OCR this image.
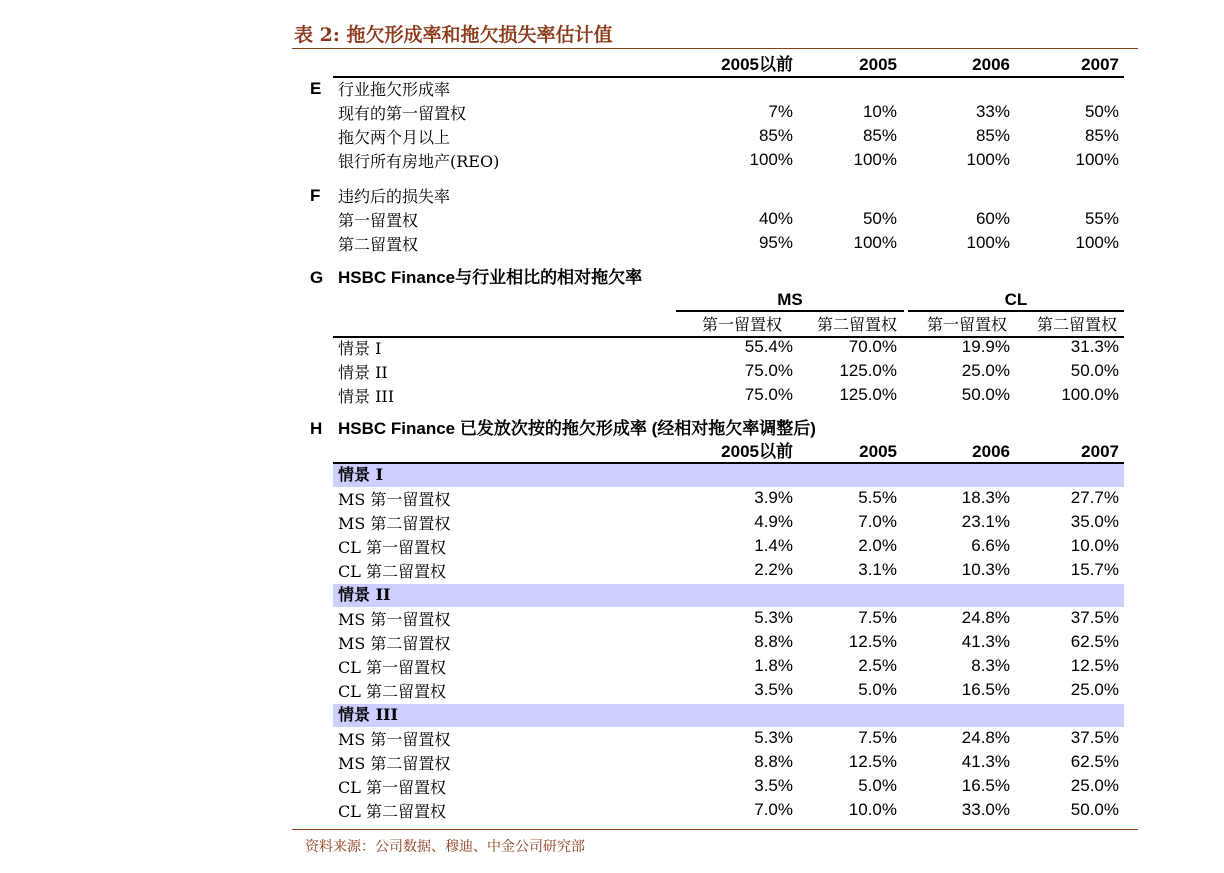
表 2: 拖欠形成率和拖欠损失率估计值
2005以前	2005	2006	2007
E 行业拖欠形成率
现有的第一留置权	7%	10%	33%	50%
拖欠两个月以上	85%	85%	85%	85%
银行所有房地产(REO)	100%	100%	100%	100%
F 违约后的损失率
第一留置权	40%	50%	60%	55%
第二留置权	95%	100%	100%	100%
G HSBC Finance与行业相比的相对拖欠率
MS	CL
第一留置权	第二留置权	第一留置权	第二留置权
情景 I	55.4%	70.0%	19.9%	31.3%
情景 II	75.0%	125.0%	25.0%	50.0%
情景 III	75.0%	125.0%	50.0%	100.0%
H HSBC Finance 已发放次按的拖欠形成率 (经相对拖欠率调整后)
2005以前	2005	2006	2007
情景 I
MS 第一留置权	3.9%	5.5%	18.3%	27.7%
MS 第二留置权	4.9%	7.0%	23.1%	35.0%
CL 第一留置权	1.4%	2.0%	6.6%	10.0%
CL 第二留置权	2.2%	3.1%	10.3%	15.7%
情景 II
MS 第一留置权	5.3%	7.5%	24.8%	37.5%
MS 第二留置权	8.8%	12.5%	41.3%	62.5%
CL 第一留置权	1.8%	2.5%	8.3%	12.5%
CL 第二留置权	3.5%	5.0%	16.5%	25.0%
情景 III
MS 第一留置权	5.3%	7.5%	24.8%	37.5%
MS 第二留置权	8.8%	12.5%	41.3%	62.5%
CL 第一留置权	3.5%	5.0%	16.5%	25.0%
CL 第二留置权	7.0%	10.0%	33.0%	50.0%
资料来源：公司数据、穆迪、中金公司研究部
